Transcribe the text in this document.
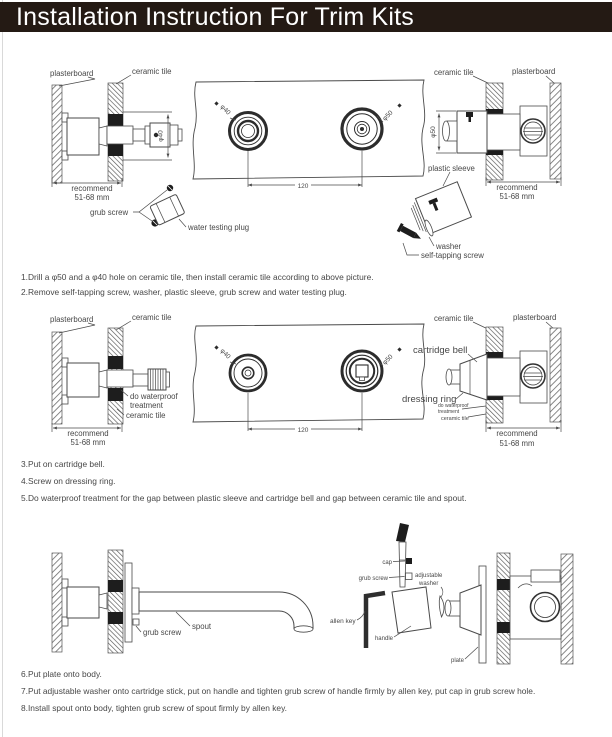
Installation Instruction For Trim Kits
φ40
plasterboard	ceramic tile
recommend
51-68 mm
grub screw
water testing plug
φ40	φ50
120
ceramic tile	plasterboard
φ50
recommend
51-68 mm
plastic sleeve
washer
self-tapping screw

1.Drill a φ50 and a φ40 hole on ceramic tile, then install ceramic tile according to above picture.

2.Remove self-tapping screw, washer, plastic sleeve, grub screw and water testing plug.

plasterboard	ceramic tile
do waterproof
treatment
ceramic tile
recommend
51-68 mm
φ40	φ50
120
ceramic tile	plasterboard
cartridge bell
dressing ring
do waterproof
treatment
ceramic tile
recommend
51-68 mm

3.Put on cartridge bell.

4.Screw on dressing ring.

5.Do waterproof treatment for the gap between plastic sleeve and cartridge bell and gap between ceramic tile and spout.

grub screw
spout
cap
grub screw	adjustable
washer
handle
allen key
plate

6.Put plate onto body.

7.Put adjustable washer onto cartridge stick, put on handle and tighten grub screw of handle firmly by allen key, put cap in grub screw hole.

8.Install spout onto body, tighten grub screw of spout firmly by allen key.
